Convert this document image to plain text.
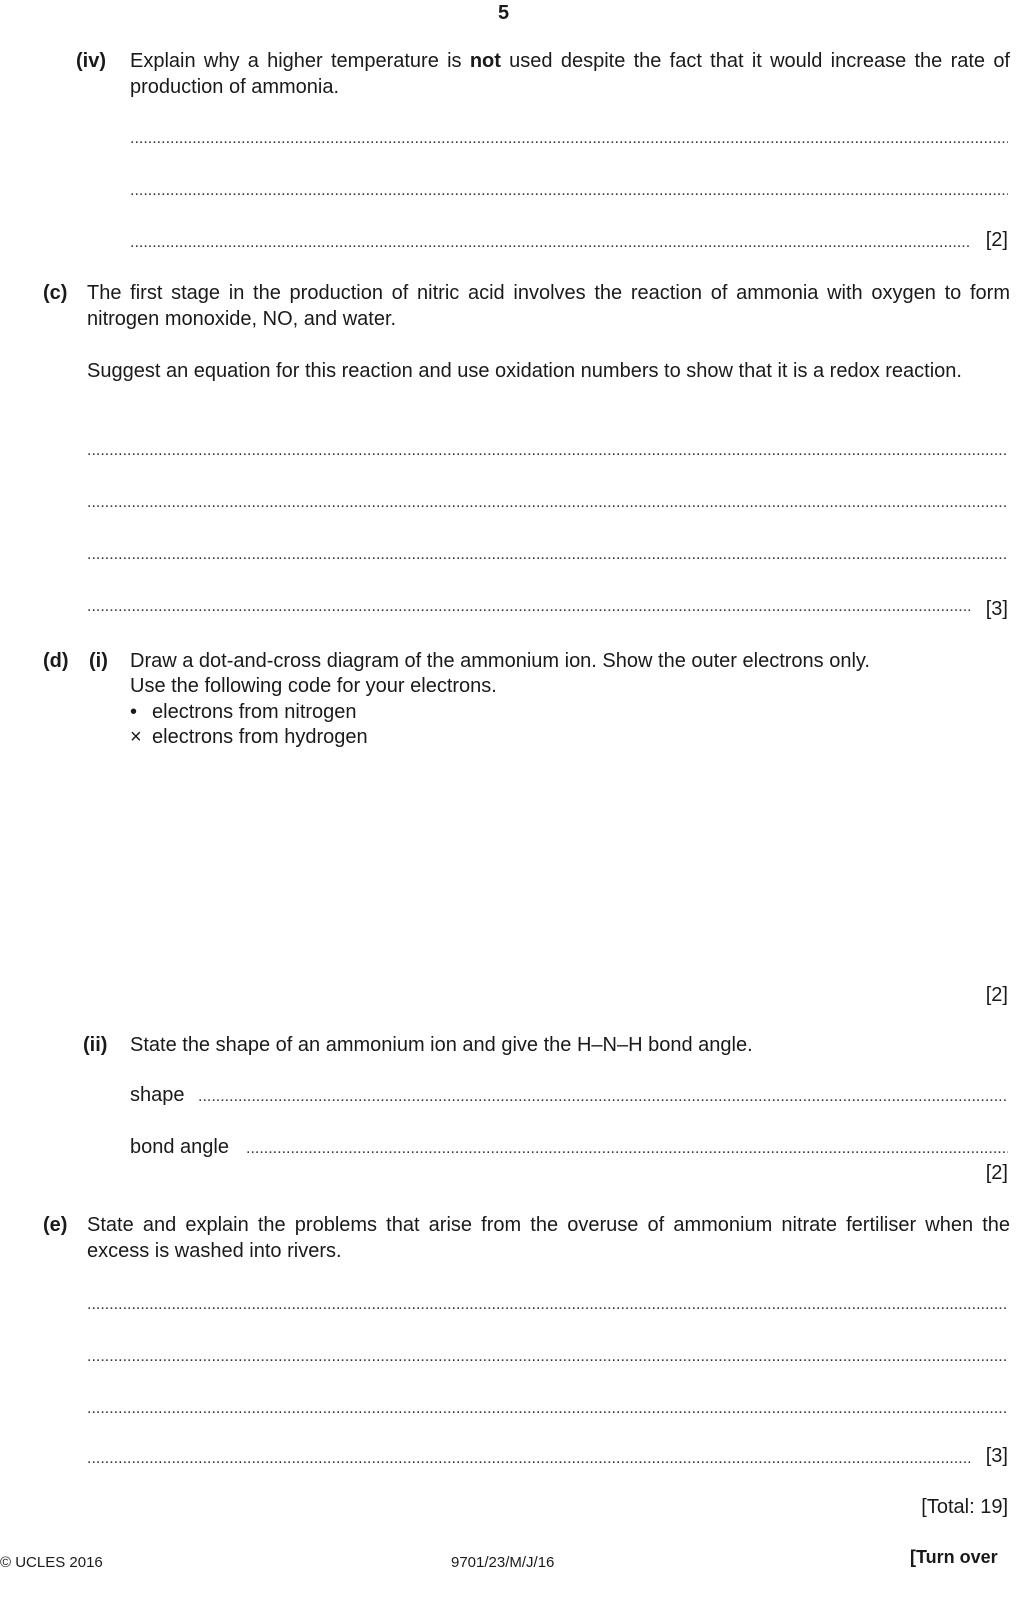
5
(iv) Explain why a higher temperature is not used despite the fact that it would increase the rate of production of ammonia.
.....
.....
.....
[2]
(c) The first stage in the production of nitric acid involves the reaction of ammonia with oxygen to form nitrogen monoxide, NO, and water.
Suggest an equation for this reaction and use oxidation numbers to show that it is a redox reaction.
.....
.....
.....
.....
[3]
(d) (i) Draw a dot-and-cross diagram of the ammonium ion. Show the outer electrons only.
Use the following code for your electrons.
• electrons from nitrogen
× electrons from hydrogen
[2]
(ii) State the shape of an ammonium ion and give the H–N–H bond angle.
shape
.....
bond angle
.....
[2]
(e) State and explain the problems that arise from the overuse of ammonium nitrate fertiliser when the excess is washed into rivers.
.....
.....
.....
.....
[3]
[Total: 19]
© UCLES 2016	9701/23/M/J/16	[Turn over
